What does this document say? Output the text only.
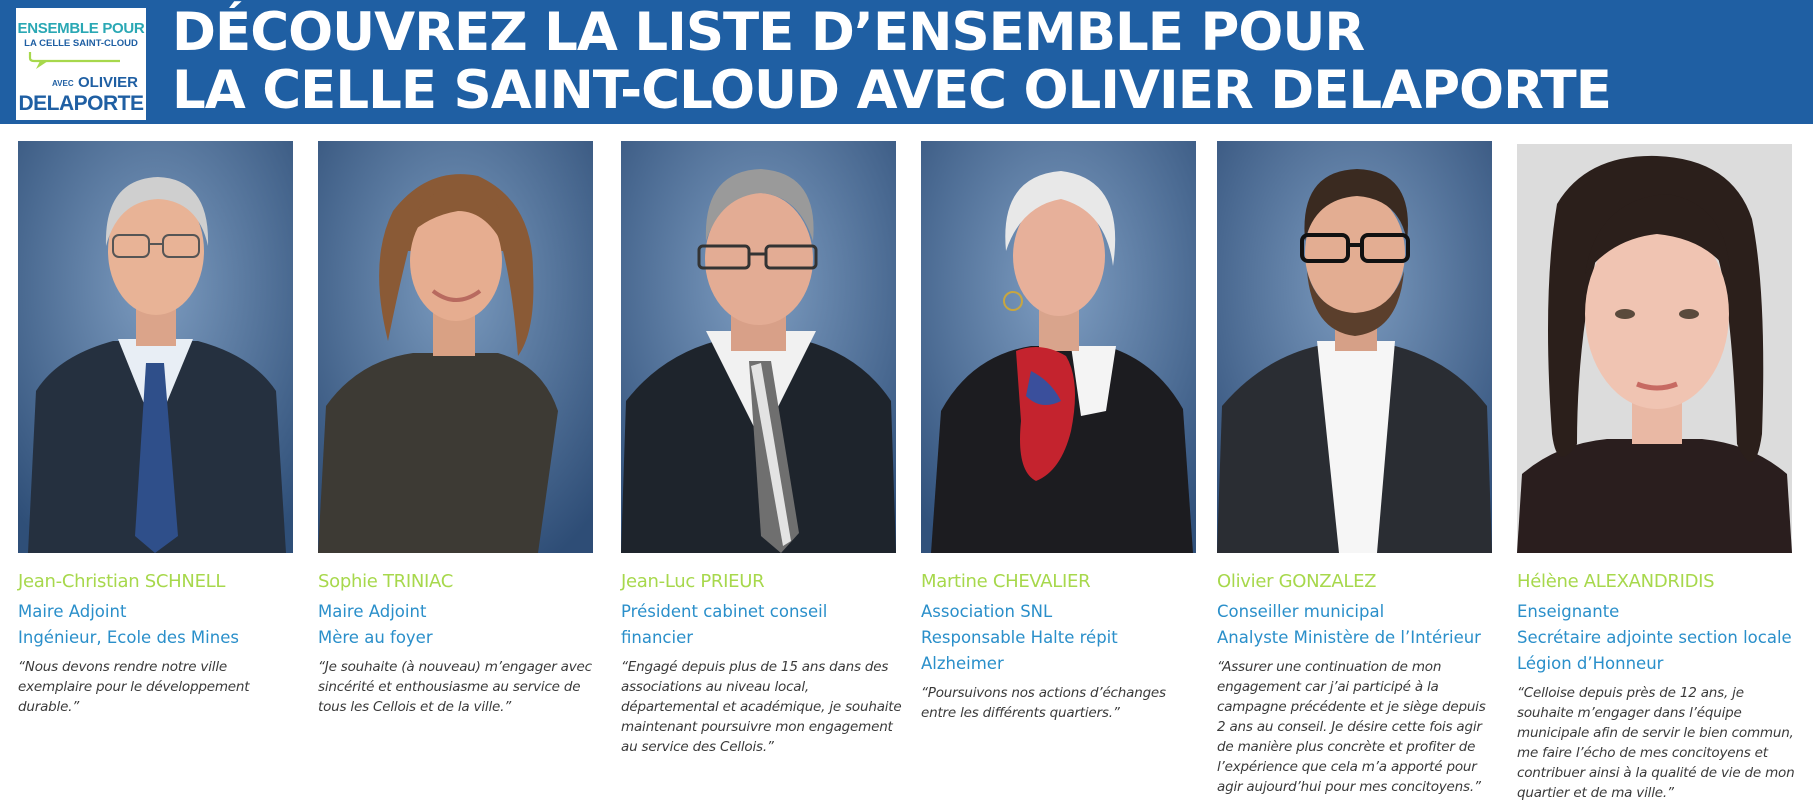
ENSEMBLE POUR
LA CELLE SAINT-CLOUD
AVEC OLIVIER
DELAPORTE
DÉCOUVREZ LA LISTE D’ENSEMBLE POUR
LA CELLE SAINT-CLOUD AVEC OLIVIER DELAPORTE
Jean-Christian SCHNELL
Maire Adjoint
Ingénieur, Ecole des Mines
“Nous devons rendre notre ville
exemplaire pour le développement
durable.”
Sophie TRINIAC
Maire Adjoint
Mère au foyer
“Je souhaite (à nouveau) m’engager avec
sincérité et enthousiasme au service de
tous les Cellois et de la ville.”
Jean-Luc PRIEUR
Président cabinet conseil
financier
“Engagé depuis plus de 15 ans dans des
associations au niveau local,
départemental et académique, je souhaite
maintenant poursuivre mon engagement
au service des Cellois.”
Martine CHEVALIER
Association SNL
Responsable Halte répit
Alzheimer
“Poursuivons nos actions d’échanges
entre les différents quartiers.”
Olivier GONZALEZ
Conseiller municipal
Analyste Ministère de l’Intérieur
“Assurer une continuation de mon
engagement car j’ai participé à la
campagne précédente et je siège depuis
2 ans au conseil. Je désire cette fois agir
de manière plus concrète et profiter de
l’expérience que cela m’a apporté pour
agir aujourd’hui pour mes concitoyens.”
Hélène ALEXANDRIDIS
Enseignante
Secrétaire adjointe section locale
Légion d’Honneur
“Celloise depuis près de 12 ans, je
souhaite m’engager dans l’équipe
municipale afin de servir le bien commun,
me faire l’écho de mes concitoyens et
contribuer ainsi à la qualité de vie de mon
quartier et de ma ville.”
